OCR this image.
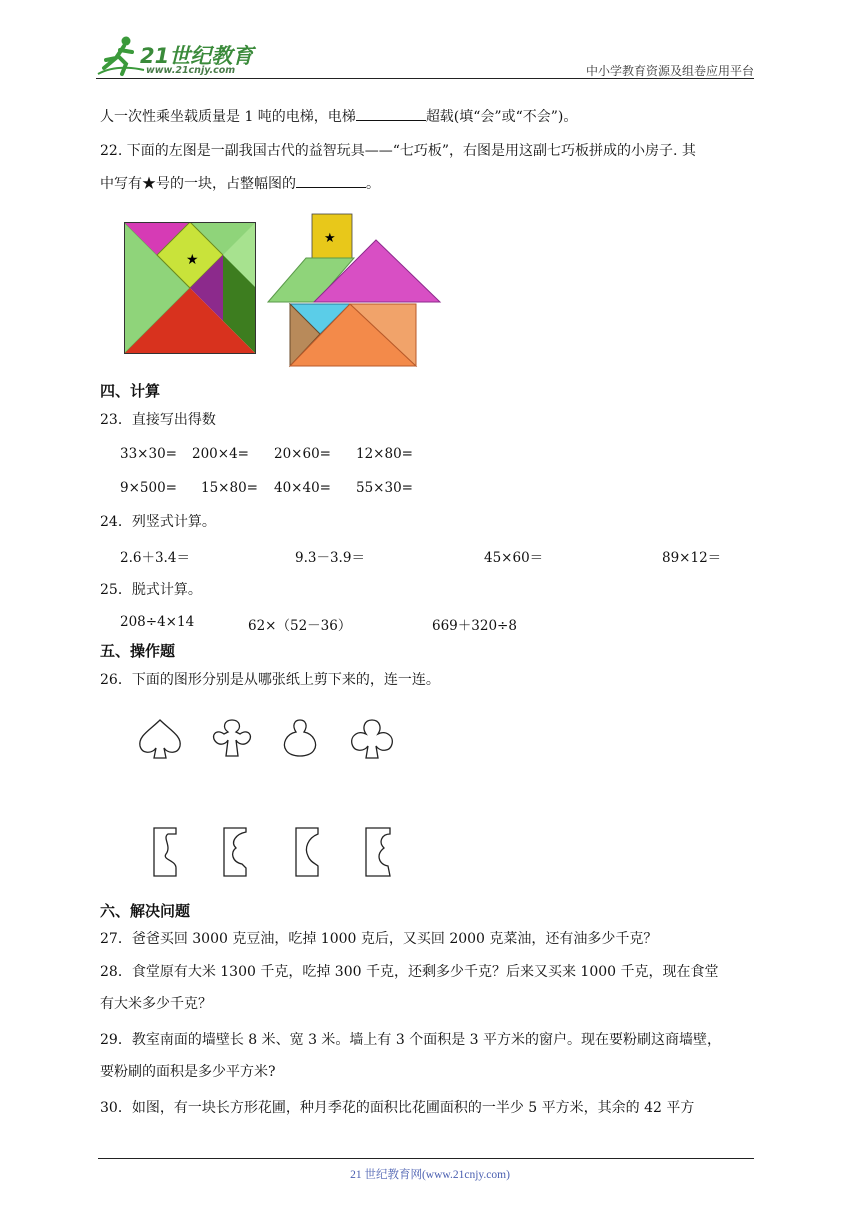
21世纪教育
www.21cnjy.com	中小学教育资源及组卷应用平台
人一次性乘坐载质量是 1 吨的电梯，电梯	超载(填“会”或“不会”)。
22. 下面的左图是一副我国古代的益智玩具——“七巧板”，右图是用这副七巧板拼成的小房子. 其
中写有★号的一块，占整幅图的	。
★
★
四、计算
23．直接写出得数
33×30= 200×4= 20×60= 12×80=
9×500= 15×80= 40×40= 55×30=
24．列竖式计算。
2.6＋3.4＝	9.3－3.9＝	45×60＝	89×12＝
25．脱式计算。
208÷4×14	62×（52－36）	669＋320÷8
五、操作题
26．下面的图形分别是从哪张纸上剪下来的，连一连。
六、解决问题
27．爸爸买回 3000 克豆油，吃掉 1000 克后，又买回 2000 克菜油，还有油多少千克？
28．食堂原有大米 1300 千克，吃掉 300 千克，还剩多少千克？后来又买来 1000 千克，现在食堂
有大米多少千克？
29．教室南面的墙壁长 8 米、宽 3 米。墙上有 3 个面积是 3 平方米的窗户。现在要粉刷这商墙壁，
要粉刷的面积是多少平方米?
30．如图，有一块长方形花圃，种月季花的面积比花圃面积的一半少 5 平方米，其余的 42 平方
21 世纪教育网(www.21cnjy.com)
